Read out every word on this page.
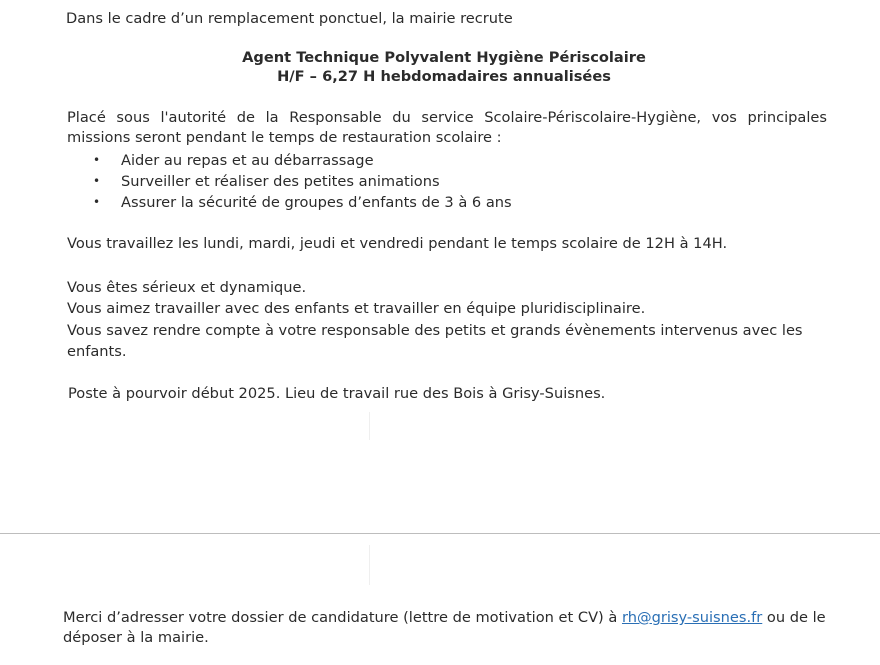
Dans le cadre d’un remplacement ponctuel, la mairie recrute
Agent Technique Polyvalent Hygiène Périscolaire
H/F – 6,27 H hebdomadaires annualisées
Placé sous l'autorité de la Responsable du service Scolaire-Périscolaire-Hygiène, vos principales missions seront pendant le temps de restauration scolaire :
• Aider au repas et au débarrassage
• Surveiller et réaliser des petites animations
• Assurer la sécurité de groupes d’enfants de 3 à 6 ans
Vous travaillez les lundi, mardi, jeudi et vendredi pendant le temps scolaire de 12H à 14H.
Vous êtes sérieux et dynamique.
Vous aimez travailler avec des enfants et travailler en équipe pluridisciplinaire.
Vous savez rendre compte à votre responsable des petits et grands évènements intervenus avec les enfants.
Poste à pourvoir début 2025. Lieu de travail rue des Bois à Grisy-Suisnes.
Merci d’adresser votre dossier de candidature (lettre de motivation et CV) à rh@grisy-suisnes.fr ou de le déposer à la mairie.
